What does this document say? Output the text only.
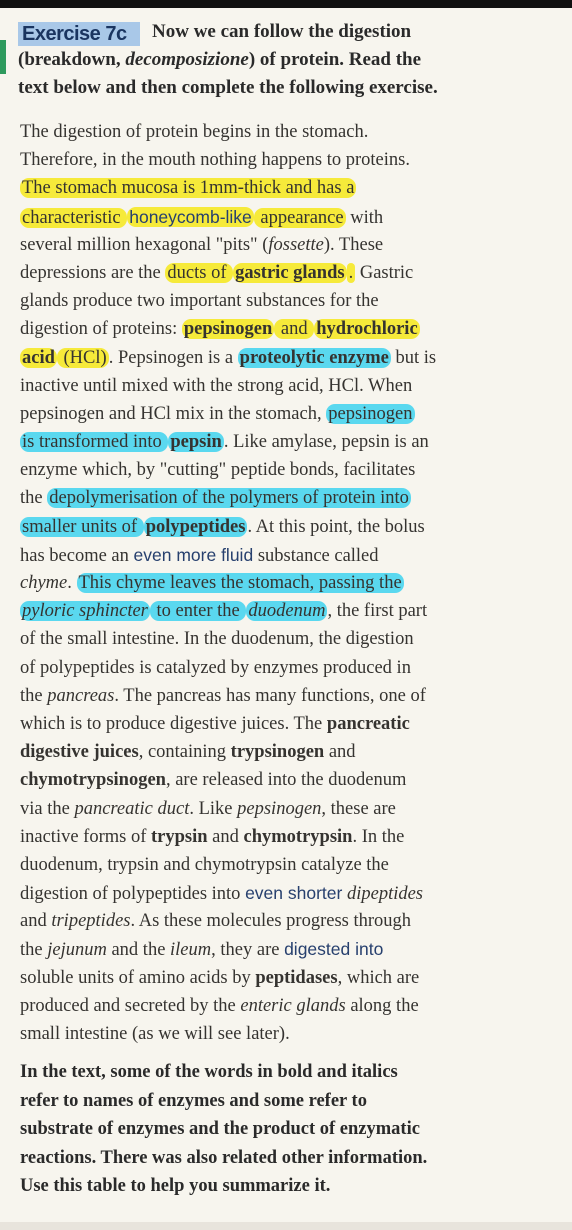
Exercise 7c	Now we can follow the digestion
(breakdown, decomposizione) of protein. Read the
text below and then complete the following exercise.
The digestion of protein begins in the stomach.
Therefore, in the mouth nothing happens to proteins.
The stomach mucosa is 1mm-thick and has a
characteristic honeycomb-like appearance with
several million hexagonal "pits" (fossette). These
depressions are the ducts of gastric glands . Gastric
glands produce two important substances for the
digestion of proteins: pepsinogen and hydrochloric
acid (HCl) . Pepsinogen is a proteolytic enzyme but is
inactive until mixed with the strong acid, HCl. When
pepsinogen and HCl mix in the stomach, pepsinogen
is transformed into pepsin . Like amylase, pepsin is an
enzyme which, by "cutting" peptide bonds, facilitates
the depolymerisation of the polymers of protein into
smaller units of polypeptides . At this point, the bolus
has become an even more fluid substance called
chyme. This chyme leaves the stomach, passing the
pyloric sphincter to enter the duodenum , the first part
of the small intestine. In the duodenum, the digestion
of polypeptides is catalyzed by enzymes produced in
the pancreas. The pancreas has many functions, one of
which is to produce digestive juices. The pancreatic
digestive juices, containing trypsinogen and
chymotrypsinogen, are released into the duodenum
via the pancreatic duct. Like pepsinogen, these are
inactive forms of trypsin and chymotrypsin. In the
duodenum, trypsin and chymotrypsin catalyze the
digestion of polypeptides into even shorter dipeptides
and tripeptides. As these molecules progress through
the jejunum and the ileum, they are digested into
soluble units of amino acids by peptidases, which are
produced and secreted by the enteric glands along the
small intestine (as we will see later).
In the text, some of the words in bold and italics
refer to names of enzymes and some refer to
substrate of enzymes and the product of enzymatic
reactions. There was also related other information.
Use this table to help you summarize it.
